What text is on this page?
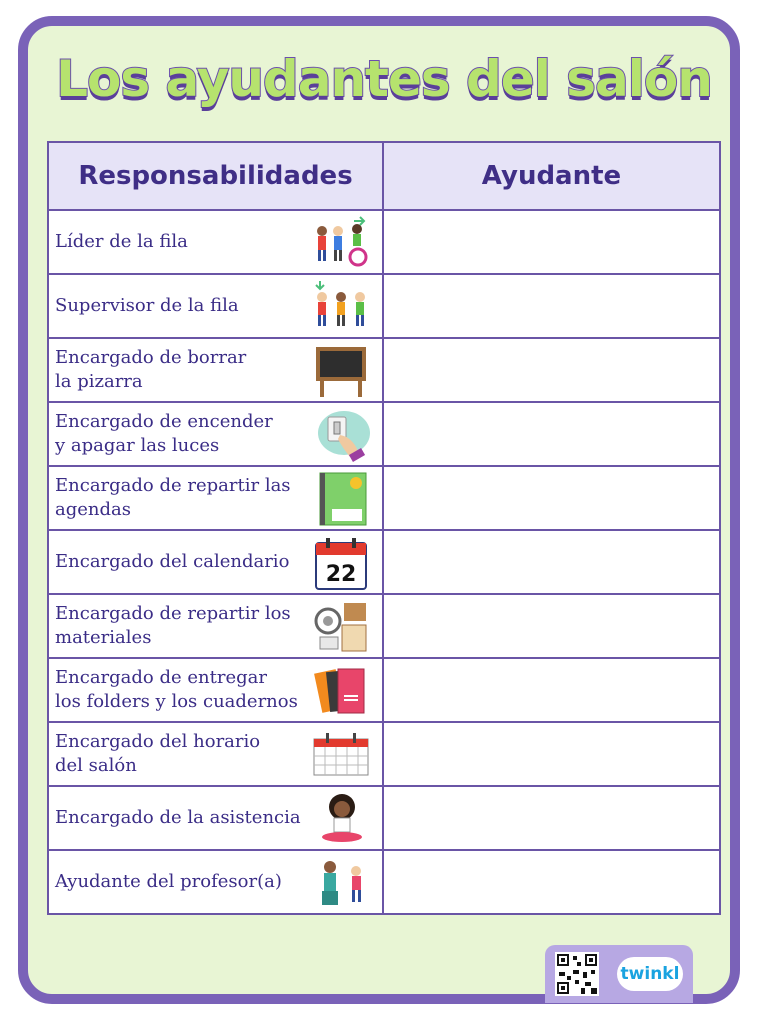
Los ayudantes del salón
Responsabilidades	Ayudante

Líder de la fila	

Supervisor de la fila	

Encargado de borrar
la pizarra	

Encargado de encender
y apagar las luces	

Encargado de repartir las
agendas	

Encargado del calendario
22	

Encargado de repartir los
materiales	

Encargado de entregar
los folders y los cuadernos	

Encargado del horario
del salón	

Encargado de la asistencia	

Ayudante del profesor(a)	

twinkl
